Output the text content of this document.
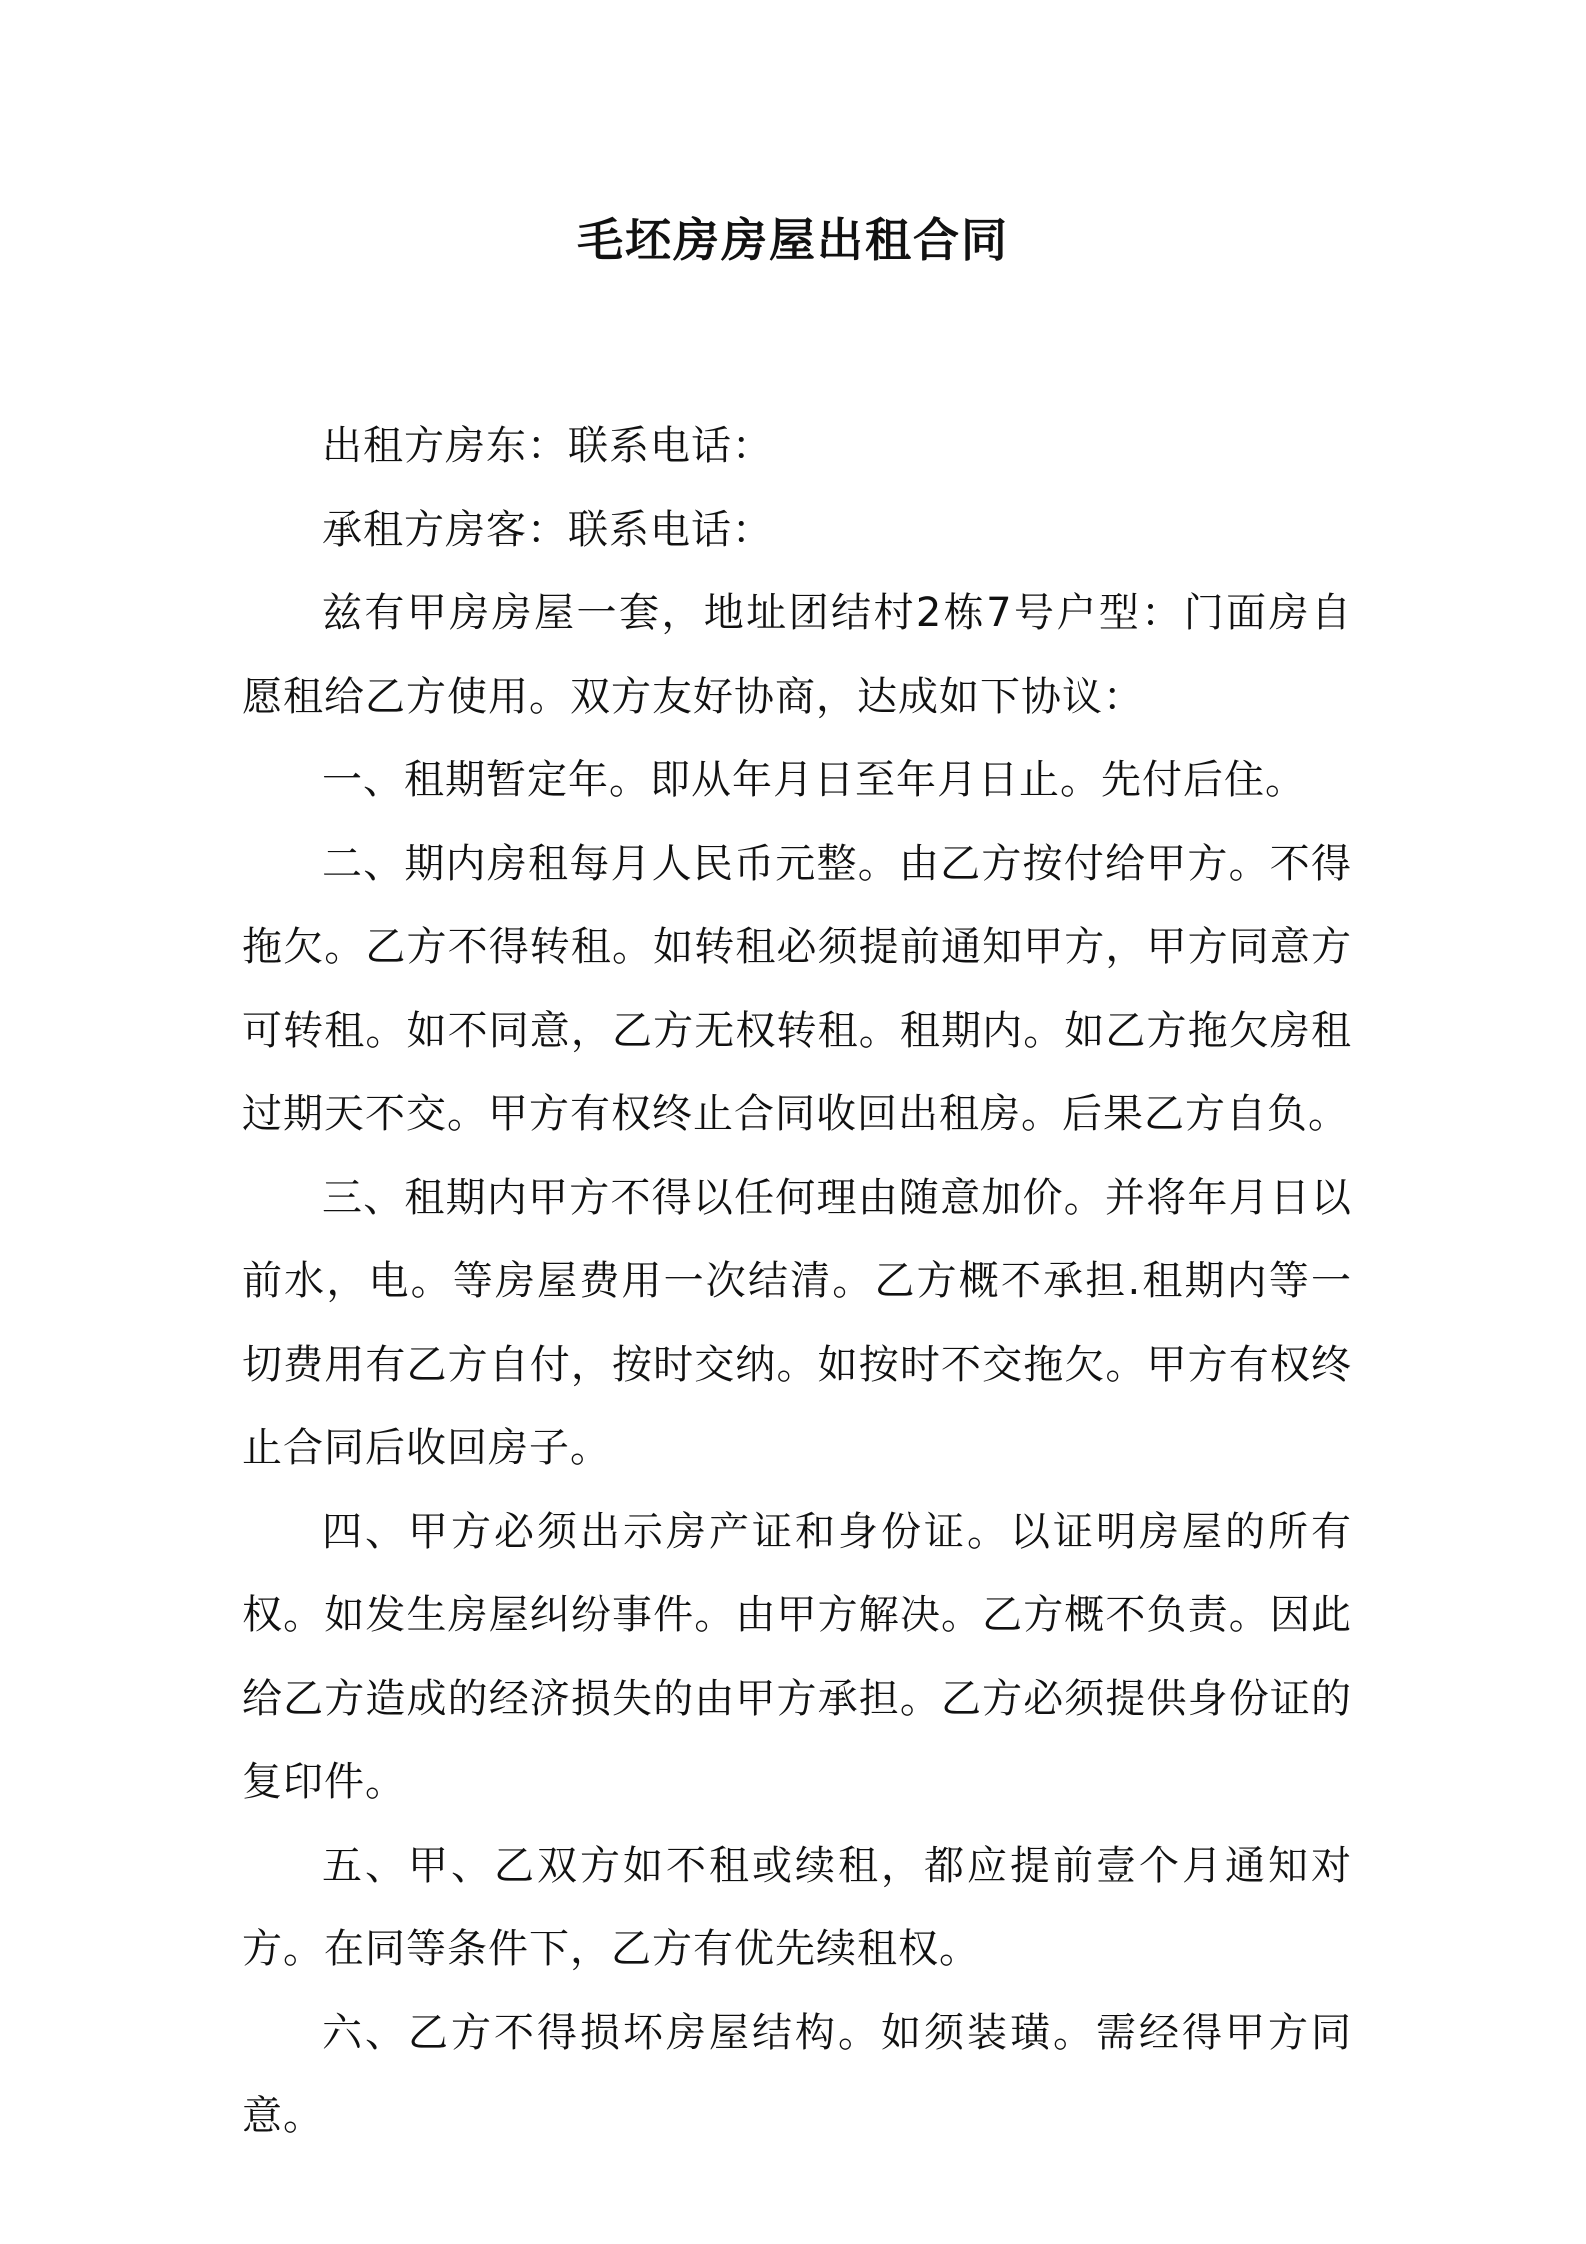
毛坯房房屋出租合同

出租方房东：联系电话：

承租方房客：联系电话：

兹有甲房房屋一套，地址团结村2栋7号户型：门面房自愿租给乙方使用。双方友好协商，达成如下协议：

一、租期暂定年。即从年月日至年月日止。先付后住。

二、期内房租每月人民币元整。由乙方按付给甲方。不得拖欠。乙方不得转租。如转租必须提前通知甲方，甲方同意方可转租。如不同意，乙方无权转租。租期内。如乙方拖欠房租过期天不交。甲方有权终止合同收回出租房。后果乙方自负。

三、租期内甲方不得以任何理由随意加价。并将年月日以前水，电。等房屋费用一次结清。乙方概不承担.租期内等一切费用有乙方自付，按时交纳。如按时不交拖欠。甲方有权终止合同后收回房子。

四、甲方必须出示房产证和身份证。以证明房屋的所有权。如发生房屋纠纷事件。由甲方解决。乙方概不负责。因此给乙方造成的经济损失的由甲方承担。乙方必须提供身份证的复印件。

五、甲、乙双方如不租或续租，都应提前壹个月通知对方。在同等条件下，乙方有优先续租权。

六、乙方不得损坏房屋结构。如须装璜。需经得甲方同意。
